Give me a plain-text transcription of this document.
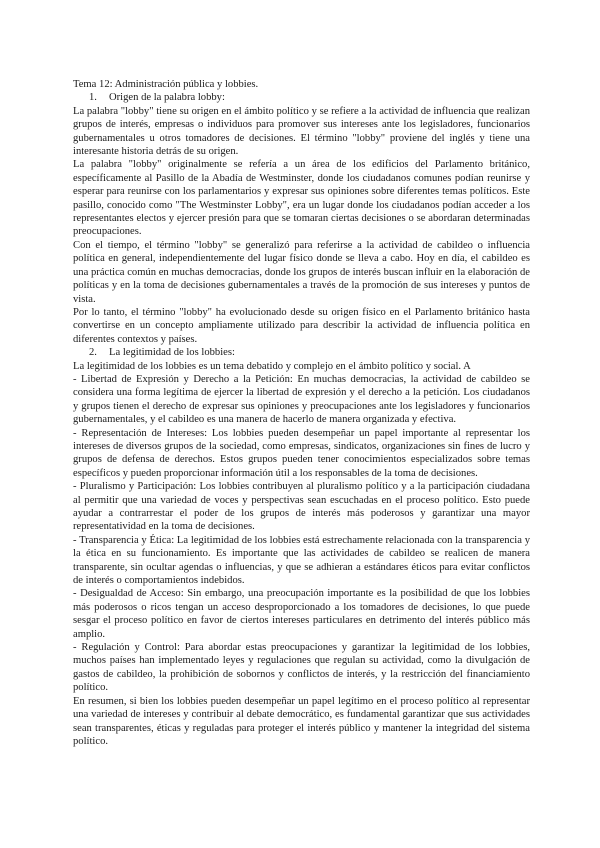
Tema 12: Administración pública y lobbies.
1. Origen de la palabra lobby:

La palabra "lobby" tiene su origen en el ámbito político y se refiere a la actividad de influencia que realizan grupos de interés, empresas o individuos para promover sus intereses ante los legisladores, funcionarios gubernamentales u otros tomadores de decisiones. El término "lobby" proviene del inglés y tiene una interesante historia detrás de su origen.

La palabra "lobby" originalmente se refería a un área de los edificios del Parlamento británico, específicamente al Pasillo de la Abadía de Westminster, donde los ciudadanos comunes podían reunirse y esperar para reunirse con los parlamentarios y expresar sus opiniones sobre diferentes temas políticos. Este pasillo, conocido como "The Westminster Lobby", era un lugar donde los ciudadanos podían acceder a los representantes electos y ejercer presión para que se tomaran ciertas decisiones o se abordaran determinadas preocupaciones.

Con el tiempo, el término "lobby" se generalizó para referirse a la actividad de cabildeo o influencia política en general, independientemente del lugar físico donde se lleva a cabo. Hoy en día, el cabildeo es una práctica común en muchas democracias, donde los grupos de interés buscan influir en la elaboración de políticas y en la toma de decisiones gubernamentales a través de la promoción de sus intereses y puntos de vista.

Por lo tanto, el término "lobby" ha evolucionado desde su origen físico en el Parlamento británico hasta convertirse en un concepto ampliamente utilizado para describir la actividad de influencia política en diferentes contextos y países.

2. La legitimidad de los lobbies:
La legitimidad de los lobbies es un tema debatido y complejo en el ámbito político y social. A

- Libertad de Expresión y Derecho a la Petición: En muchas democracias, la actividad de cabildeo se considera una forma legítima de ejercer la libertad de expresión y el derecho a la petición. Los ciudadanos y grupos tienen el derecho de expresar sus opiniones y preocupaciones ante los legisladores y funcionarios gubernamentales, y el cabildeo es una manera de hacerlo de manera organizada y efectiva.

- Representación de Intereses: Los lobbies pueden desempeñar un papel importante al representar los intereses de diversos grupos de la sociedad, como empresas, sindicatos, organizaciones sin fines de lucro y grupos de defensa de derechos. Estos grupos pueden tener conocimientos especializados sobre temas específicos y pueden proporcionar información útil a los responsables de la toma de decisiones.

- Pluralismo y Participación: Los lobbies contribuyen al pluralismo político y a la participación ciudadana al permitir que una variedad de voces y perspectivas sean escuchadas en el proceso político. Esto puede ayudar a contrarrestar el poder de los grupos de interés más poderosos y garantizar una mayor representatividad en la toma de decisiones.

- Transparencia y Ética: La legitimidad de los lobbies está estrechamente relacionada con la transparencia y la ética en su funcionamiento. Es importante que las actividades de cabildeo se realicen de manera transparente, sin ocultar agendas o influencias, y que se adhieran a estándares éticos para evitar conflictos de interés o comportamientos indebidos.

- Desigualdad de Acceso: Sin embargo, una preocupación importante es la posibilidad de que los lobbies más poderosos o ricos tengan un acceso desproporcionado a los tomadores de decisiones, lo que puede sesgar el proceso político en favor de ciertos intereses particulares en detrimento del interés público más amplio.

- Regulación y Control: Para abordar estas preocupaciones y garantizar la legitimidad de los lobbies, muchos países han implementado leyes y regulaciones que regulan su actividad, como la divulgación de gastos de cabildeo, la prohibición de sobornos y conflictos de interés, y la restricción del financiamiento político.

En resumen, si bien los lobbies pueden desempeñar un papel legítimo en el proceso político al representar una variedad de intereses y contribuir al debate democrático, es fundamental garantizar que sus actividades sean transparentes, éticas y reguladas para proteger el interés público y mantener la integridad del sistema político.
